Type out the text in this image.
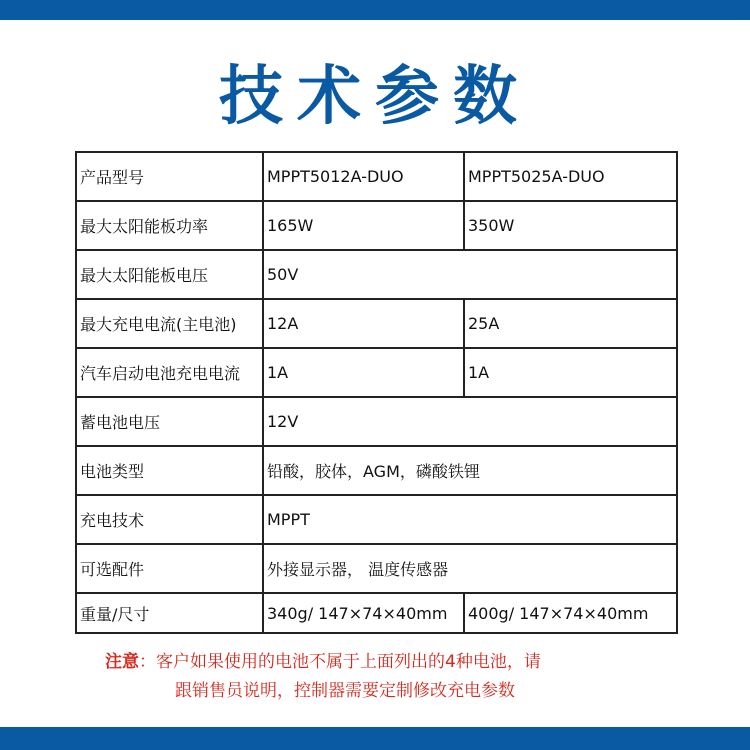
技术参数
产品型号	MPPT5012A-DUO	MPPT5025A-DUO
最大太阳能板功率	165W	350W
最大太阳能板电压	50V	
最大充电电流(主电池)	12A	25A
汽车启动电池充电电流	1A	1A
蓄电池电压	12V	
电池类型	铅酸，胶体，AGM，磷酸铁锂	
充电技术	MPPT	
可选配件	外接显示器， 温度传感器	
重量/尺寸	340g/ 147×74×40mm	400g/ 147×74×40mm
注意：客户如果使用的电池不属于上面列出的4种电池，请
跟销售员说明，控制器需要定制修改充电参数
